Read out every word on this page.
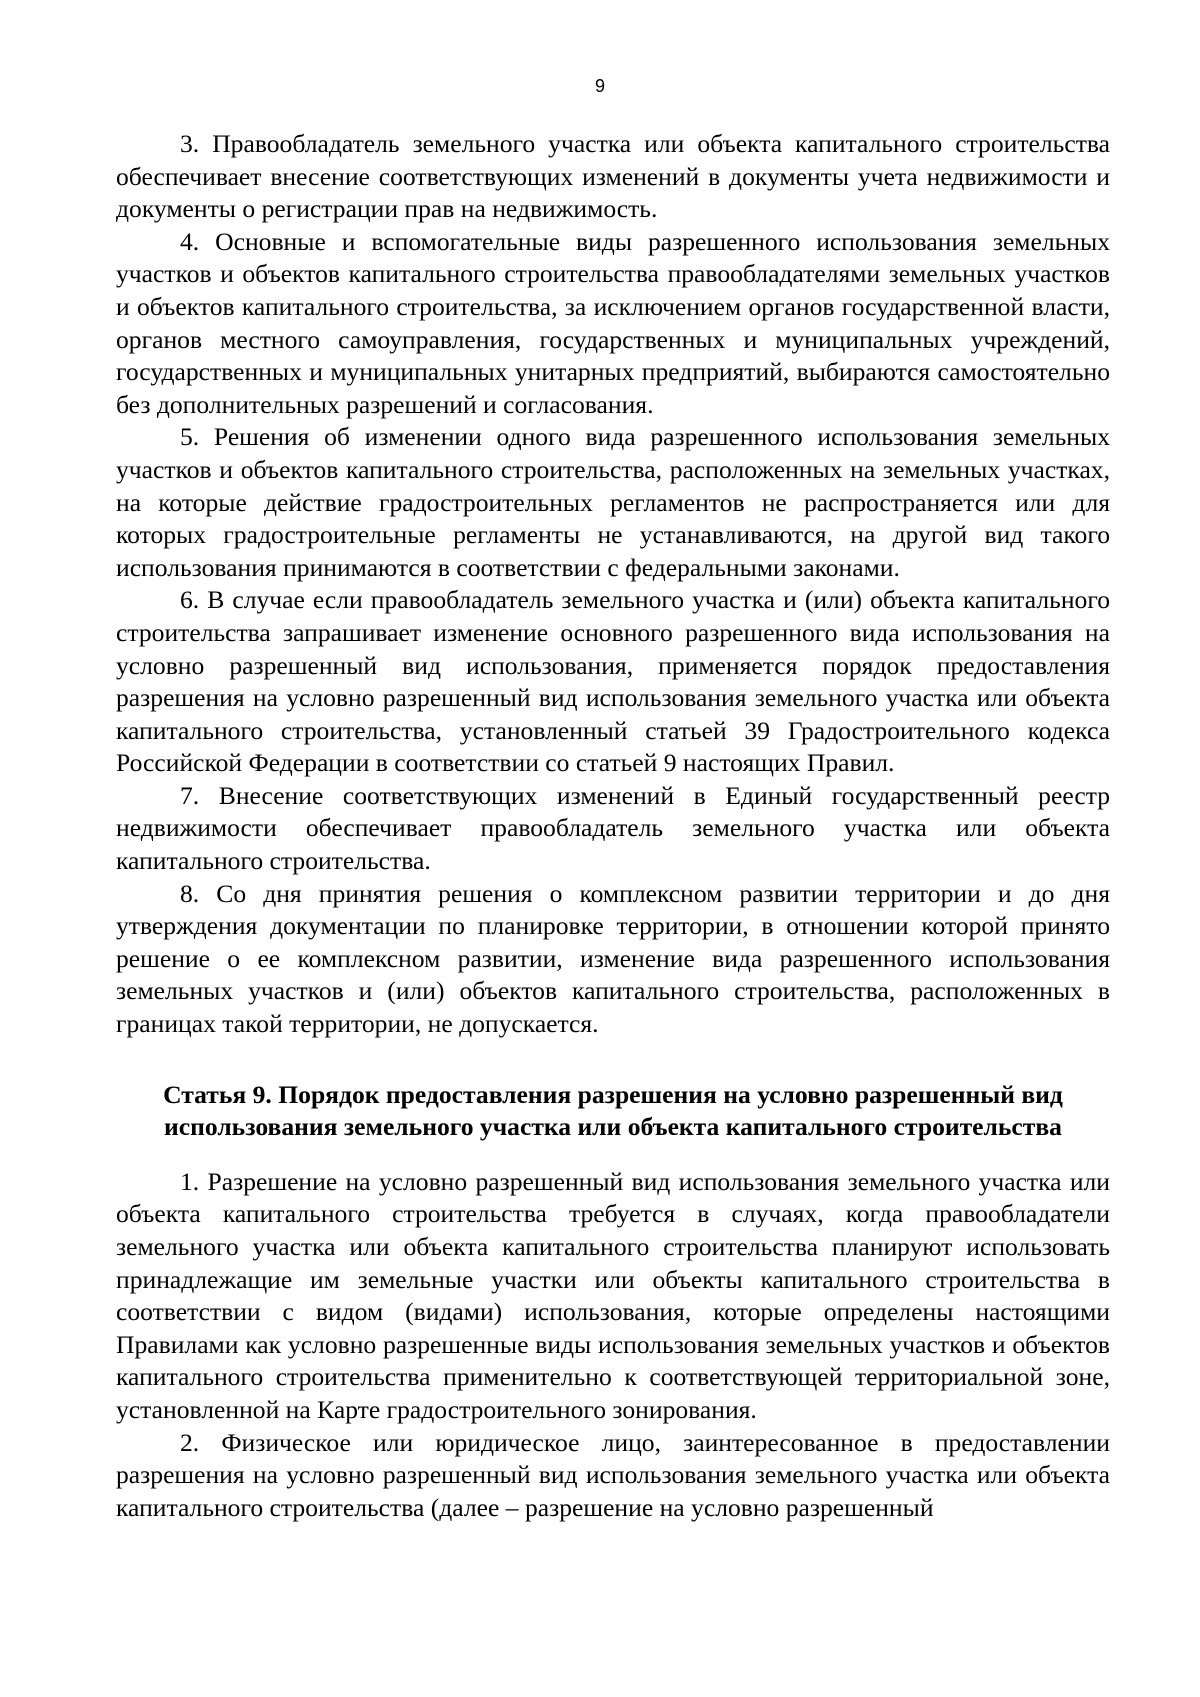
9

3. Правообладатель земельного участка или объекта капитального строительства обеспечивает внесение соответствующих изменений в документы учета недвижимости и документы о регистрации прав на недвижимость.

4. Основные и вспомогательные виды разрешенного использования земельных участков и объектов капитального строительства правообладателями земельных участков и объектов капитального строительства, за исключением органов государственной власти, органов местного самоуправления, государственных и муниципальных учреждений, государственных и муниципальных унитарных предприятий, выбираются самостоятельно без дополнительных разрешений и согласования.

5. Решения об изменении одного вида разрешенного использования земельных участков и объектов капитального строительства, расположенных на земельных участках, на которые действие градостроительных регламентов не распространяется или для которых градостроительные регламенты не устанавливаются, на другой вид такого использования принимаются в соответствии с федеральными законами.

6. В случае если правообладатель земельного участка и (или) объекта капитального строительства запрашивает изменение основного разрешенного вида использования на условно разрешенный вид использования, применяется порядок предоставления разрешения на условно разрешенный вид использования земельного участка или объекта капитального строительства, установленный статьей 39 Градостроительного кодекса Российской Федерации в соответствии со статьей 9 настоящих Правил.

7. Внесение соответствующих изменений в Единый государственный реестр недвижимости обеспечивает правообладатель земельного участка или объекта капитального строительства.

8. Со дня принятия решения о комплексном развитии территории и до дня утверждения документации по планировке территории, в отношении которой принято решение о ее комплексном развитии, изменение вида разрешенного использования земельных участков и (или) объектов капитального строительства, расположенных в границах такой территории, не допускается.

Статья 9. Порядок предоставления разрешения на условно разрешенный вид использования земельного участка или объекта капитального строительства

1. Разрешение на условно разрешенный вид использования земельного участка или объекта капитального строительства требуется в случаях, когда правообладатели земельного участка или объекта капитального строительства планируют использовать принадлежащие им земельные участки или объекты капитального строительства в соответствии с видом (видами) использования, которые определены настоящими Правилами как условно разрешенные виды использования земельных участков и объектов капитального строительства применительно к соответствующей территориальной зоне, установленной на Карте градостроительного зонирования.

2. Физическое или юридическое лицо, заинтересованное в предоставлении разрешения на условно разрешенный вид использования земельного участка или объекта капитального строительства (далее – разрешение на условно разрешенный
